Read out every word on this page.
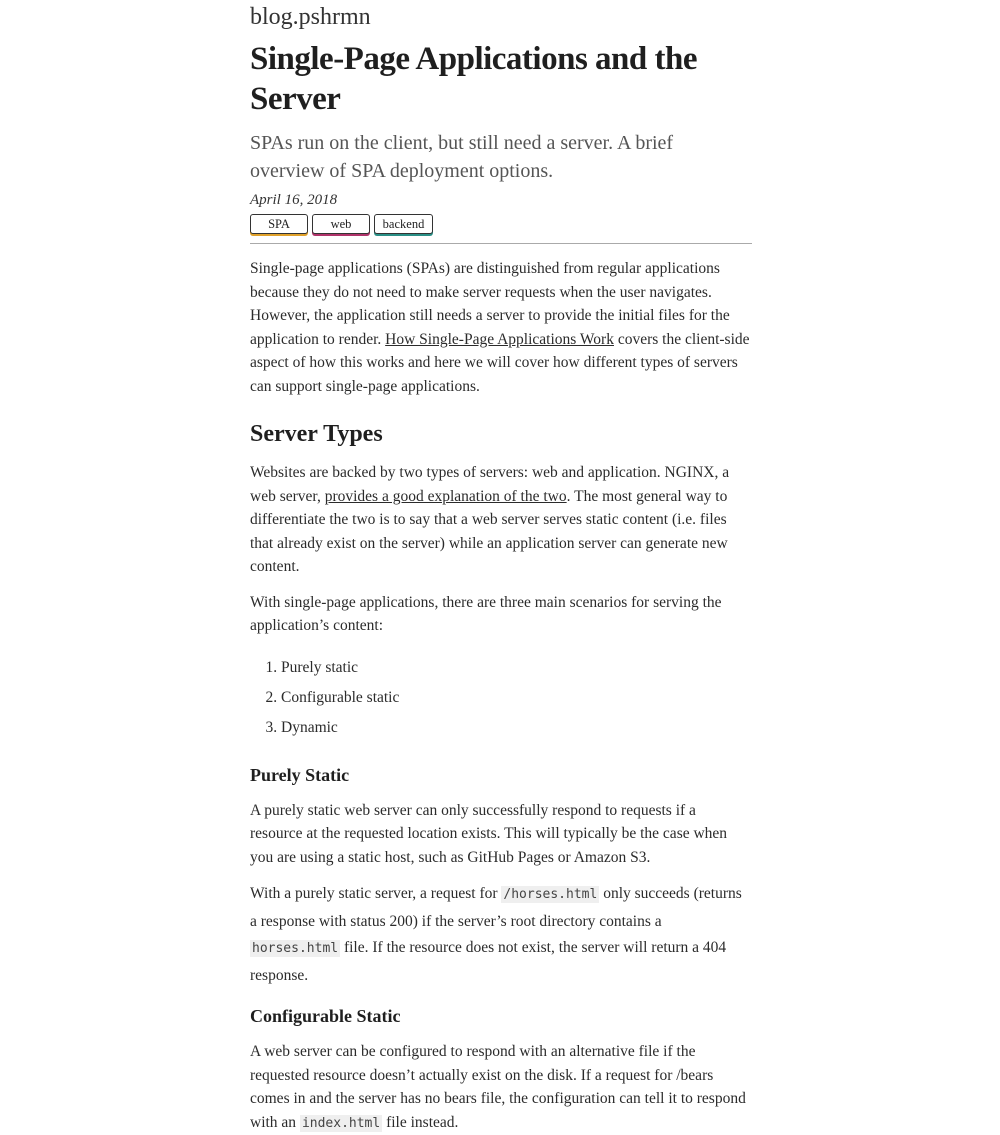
blog.pshrmn
Single-Page Applications and the Server
SPAs run on the client, but still need a server. A brief overview of SPA deployment options.
April 16, 2018
SPA	web	backend

Single-page applications (SPAs) are distinguished from regular applications because they do not need to make server requests when the user navigates. However, the application still needs a server to provide the initial files for the application to render. How Single-Page Applications Work covers the client-side aspect of how this works and here we will cover how different types of servers can support single-page applications.

Server Types

Websites are backed by two types of servers: web and application. NGINX, a web server, provides a good explanation of the two. The most general way to differentiate the two is to say that a web server serves static content (i.e. files that already exist on the server) while an application server can generate new content.

With single-page applications, there are three main scenarios for serving the application’s content:

1. Purely static
2. Configurable static
3. Dynamic
Purely Static

A purely static web server can only successfully respond to requests if a resource at the requested location exists. This will typically be the case when you are using a static host, such as GitHub Pages or Amazon S3.

With a purely static server, a request for /horses.html only succeeds (returns a response with status 200) if the server’s root directory contains a horses.html file. If the resource does not exist, the server will return a 404 response.

Configurable Static

A web server can be configured to respond with an alternative file if the requested resource doesn’t actually exist on the disk. If a request for /bears comes in and the server has no bears file, the configuration can tell it to respond with an index.html file instead.
